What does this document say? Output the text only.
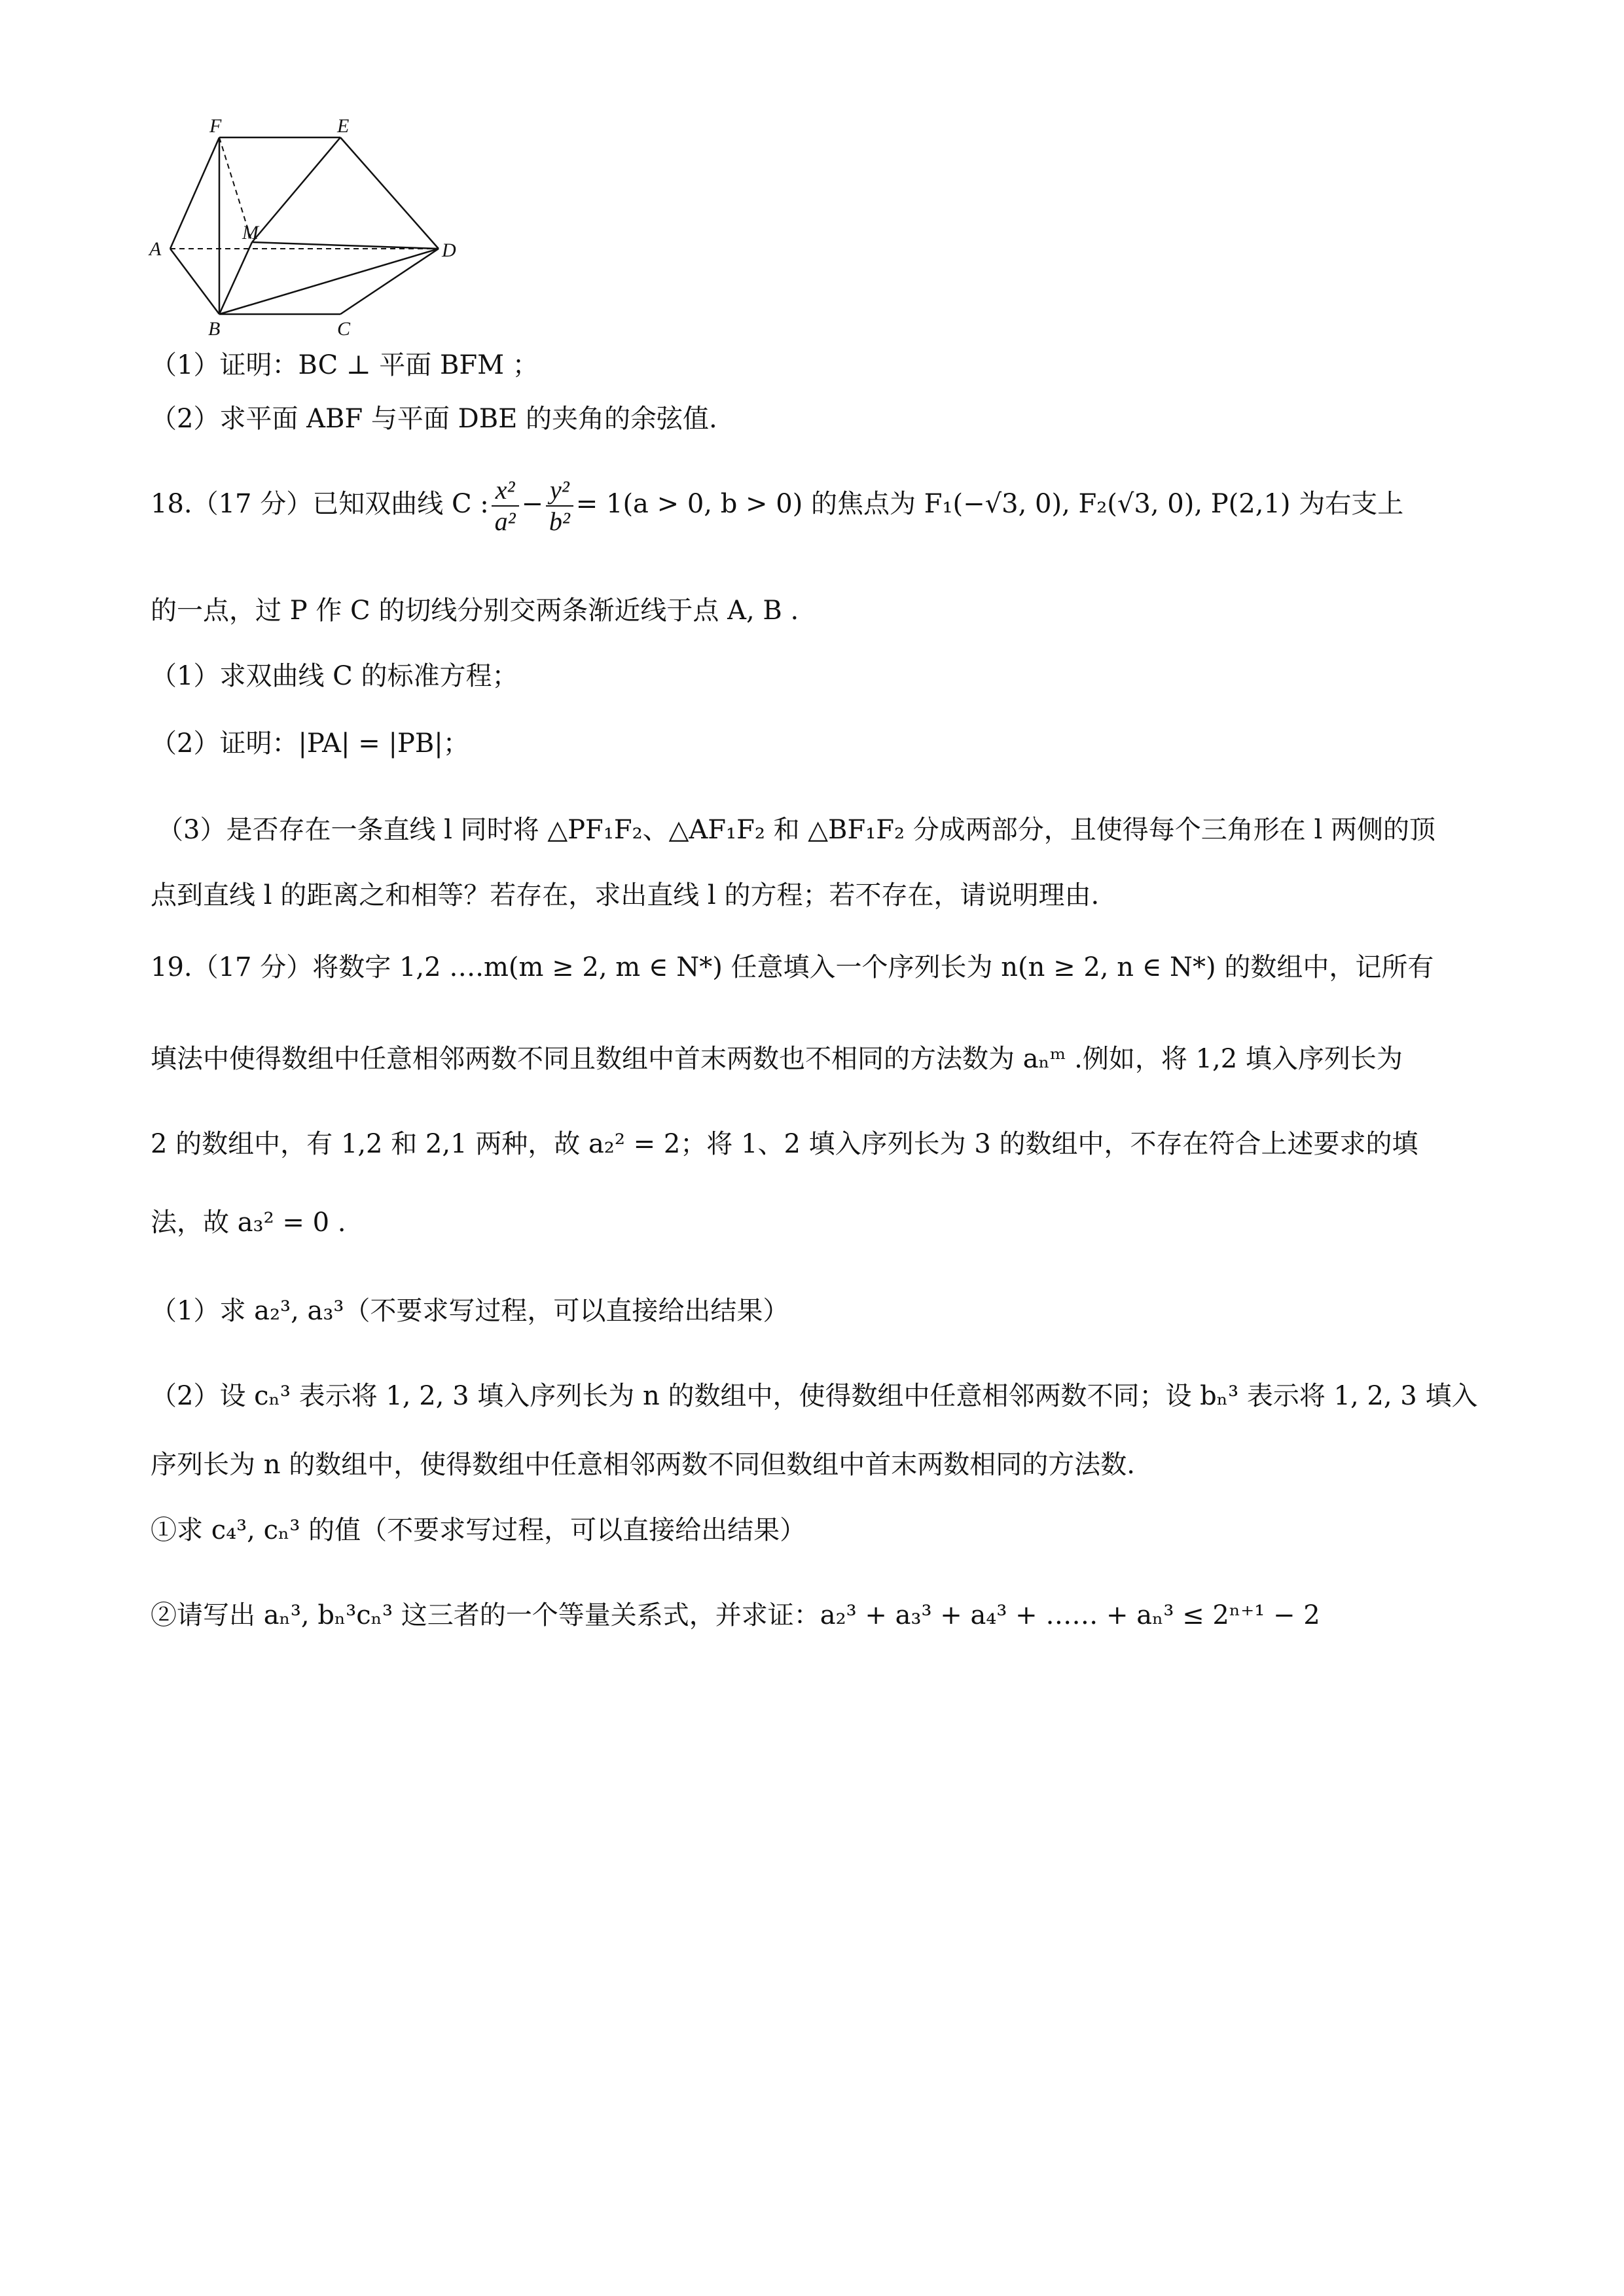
F	E
A
M
D
B	C
（1）证明：BC ⊥ 平面 BFM ；
（2）求平面 ABF 与平面 DBE 的夹角的余弦值.
18.（17 分）已知双曲线 C : $\frac{\text{x²}}{\text{a²}} - \frac{\text{y²}}{\text{b²}} = 1(a > 0$, b > 0) 的焦点为 F₁(−√3, 0), F₂(√3, 0), P(2,1) 为右支上
的一点，过 P 作 C 的切线分别交两条渐近线于点 A, B .
（1）求双曲线 C 的标准方程；
（2）证明：|PA| = |PB|；
（3）是否存在一条直线 l 同时将 △PF₁F₂、△AF₁F₂ 和 △BF₁F₂ 分成两部分，且使得每个三角形在 l 两侧的顶
点到直线 l 的距离之和相等？若存在，求出直线 l 的方程；若不存在，请说明理由.
19.（17 分）将数字 1,2 ….m(m ≥ 2, m ∈ N*) 任意填入一个序列长为 n(n ≥ 2, n ∈ N*) 的数组中，记所有
填法中使得数组中任意相邻两数不同且数组中首末两数也不相同的方法数为 aₙᵐ .例如，将 1,2 填入序列长为
2 的数组中，有 1,2 和 2,1 两种，故 a₂² = 2；将 1、2 填入序列长为 3 的数组中，不存在符合上述要求的填
法，故 a₃² = 0 .
（1）求 a₂³, a₃³（不要求写过程，可以直接给出结果）
（2）设 cₙ³ 表示将 1, 2, 3 填入序列长为 n 的数组中，使得数组中任意相邻两数不同；设 bₙ³ 表示将 1, 2, 3 填入
序列长为 n 的数组中，使得数组中任意相邻两数不同但数组中首末两数相同的方法数.
①求 c₄³, cₙ³ 的值（不要求写过程，可以直接给出结果）
②请写出 aₙ³, bₙ³cₙ³ 这三者的一个等量关系式，并求证：a₂³ + a₃³ + a₄³ + …… + aₙ³ ≤ 2ⁿ⁺¹ − 2
